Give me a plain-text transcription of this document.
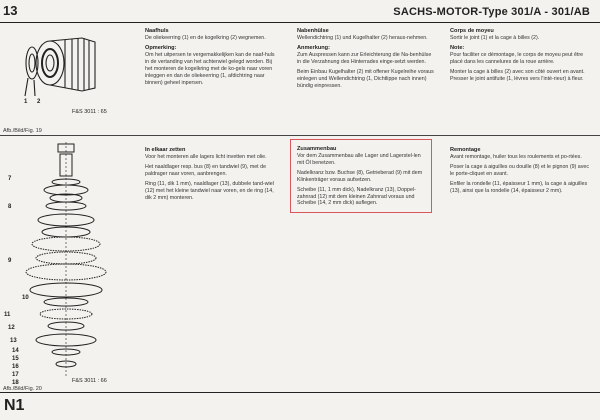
13	SACHS-MOTOR-Type 301/A - 301/AB
N1
1 2
F&S 3011 : 65
Afb./Bild/Fig. 19
7
8
9
10
11
12
13
14
15
16
17
18	F&S 3011 : 66
Afb./Bild/Fig. 20
Naafhuls

De oliekeerring (1) en de kogelkring (2) wegnemen.

Opmerking:

Om het uitpersen te vergemakkelijken kan de naaf-huls in de vertanding van het achterwiel gelegd worden. Bij het monteren de kogelkring met de ko-gels naar voren inleggen en dan de oliekeerring (1, afdichtring naar binnen) geheel inpersen.

Nabenhülse

Wellendichtring (1) und Kugelhalter (2) heraus-nehmen.

Anmerkung:

Zum Auspressen kann zur Erleichterung die Na-benhülse in die Verzahnung des Hinterrades einge-setzt werden.

Beim Einbau Kugelhalter (2) mit offener Kugelreihe voraus einlegen und Wellendichtring (1, Dichtlippe nach innen) bündig einpressen.

Corps de moyeu

Sortir le joint (1) et la cage à billes (2).

Note:

Pour faciliter ce démontage, le corps de moyeu peut être placé dans les cannelures de la roue arrière.

Monter la cage à billes (2) avec son côté ouvert en avant. Presser le joint antifuite (1, lèvres vers l'inté-rieur) à fleur.

In elkaar zetten

Voor het monteren alle lagers licht invetten met olie.

Het naaldlager resp. bus (8) en tandwiel (9), met de paldrager naar voren, aanbrengen.

Ring (11, dik 1 mm), naaldlager (13), dubbele tand-wiel (12) met het kleine tandwiel naar voren, en de ring (14, dik 2 mm) monteren.

Zusammenbau

Vor dem Zusammenbau alle Lager und Lagerstel-len mit Öl benetzen.

Nadelkranz bzw. Buchse (8), Getrieberad (9) mit dem Klinkenträger voraus aufsetzen.

Scheibe (11, 1 mm dick), Nadelkranz (13), Doppel-zahnrad (12) mit dem kleinen Zahnrad voraus und Scheibe (14, 2 mm dick) auflegen.

Remontage

Avant remontage, huiler tous les roulements et po-rtées.

Poser la cage à aiguilles ou douille (8) et le pignon (9) avec le porte-cliquet en avant.

Enfiler la rondelle (11, épaisseur 1 mm), la cage à aiguilles (13), ainsi que la rondelle (14, épaisseur 2 mm).
